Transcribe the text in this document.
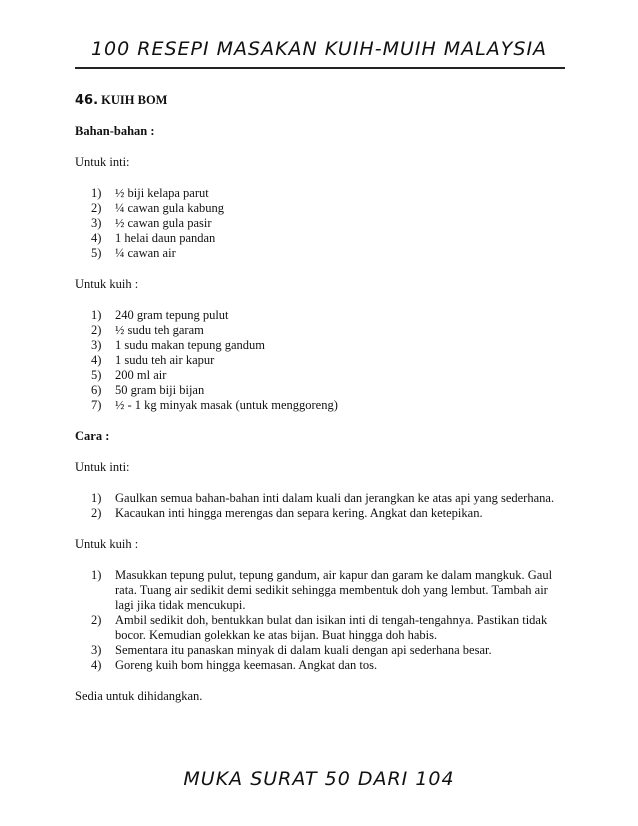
100 RESEPI MASAKAN KUIH-MUIH MALAYSIA

46. KUIH BOM

Bahan-bahan :
Untuk inti:
1) ½ biji kelapa parut
2) ¼ cawan gula kabung
3) ½ cawan gula pasir
4) 1 helai daun pandan
5) ¼ cawan air
Untuk kuih :
1) 240 gram tepung pulut
2) ½ sudu teh garam
3) 1 sudu makan tepung gandum
4) 1 sudu teh air kapur
5) 200 ml air
6) 50 gram biji bijan
7) ½ - 1 kg minyak masak (untuk menggoreng)
Cara :
Untuk inti:
1) Gaulkan semua bahan-bahan inti dalam kuali dan jerangkan ke atas api yang sederhana.
2) Kacaukan inti hingga merengas dan separa kering. Angkat dan ketepikan.
Untuk kuih :
1) Masukkan tepung pulut, tepung gandum, air kapur dan garam ke dalam mangkuk. Gaul rata. Tuang air sedikit demi sedikit sehingga membentuk doh yang lembut. Tambah air lagi jika tidak mencukupi.
2) Ambil sedikit doh, bentukkan bulat dan isikan inti di tengah-tengahnya. Pastikan tidak bocor. Kemudian golekkan ke atas bijan. Buat hingga doh habis.
3) Sementara itu panaskan minyak di dalam kuali dengan api sederhana besar.
4) Goreng kuih bom hingga keemasan. Angkat dan tos.
Sedia untuk dihidangkan.
MUKA SURAT 50 DARI 104
